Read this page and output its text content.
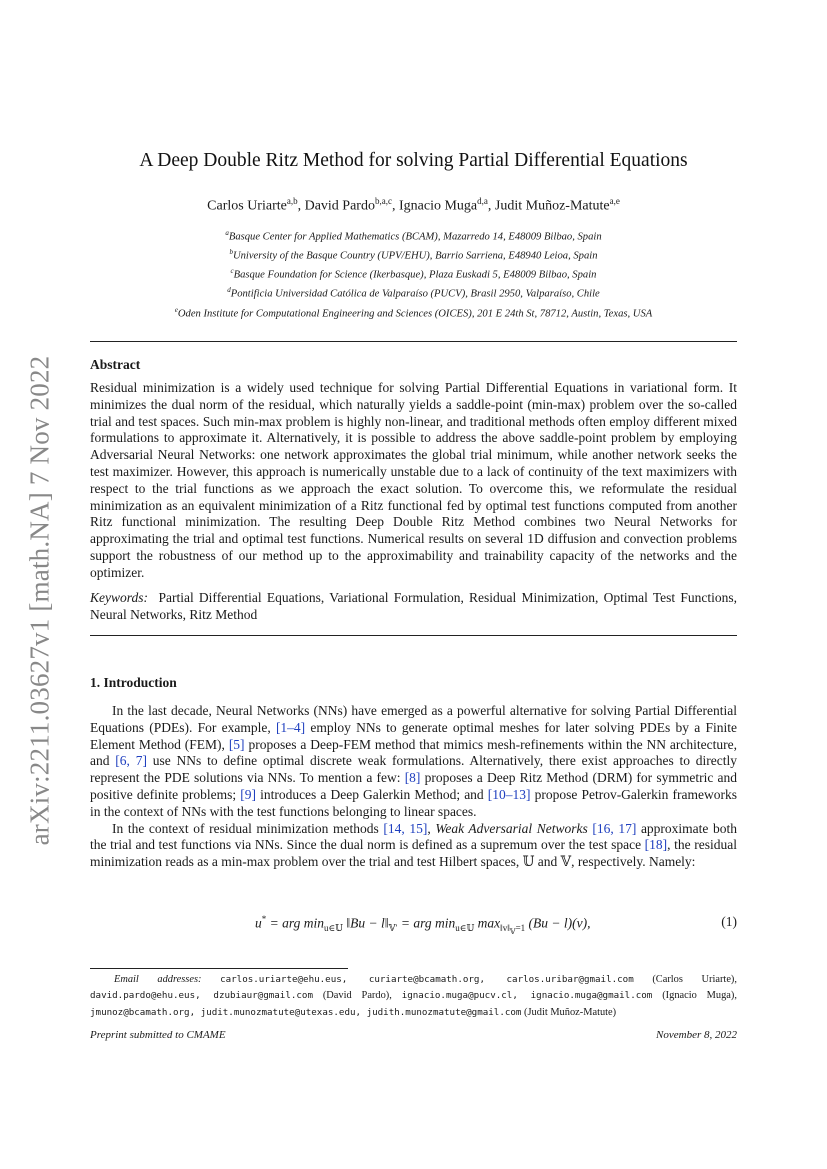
arXiv:2211.03627v1 [math.NA] 7 Nov 2022
A Deep Double Ritz Method for solving Partial Differential Equations
Carlos Uriarte$^{a,b}$, David Pardo$^{b,a,c}$, Ignacio Muga$^{d,a}$, Judit Muñoz-Matute$^{a,e}$
$^a$Basque Center for Applied Mathematics (BCAM), Mazarredo 14, E48009 Bilbao, Spain
$^b$University of the Basque Country (UPV/EHU), Barrio Sarriena, E48940 Leioa, Spain
$^c$Basque Foundation for Science (Ikerbasque), Plaza Euskadi 5, E48009 Bilbao, Spain
$^d$Pontificia Universidad Católica de Valparaíso (PUCV), Brasil 2950, Valparaíso, Chile
$^e$Oden Institute for Computational Engineering and Sciences (OICES), 201 E 24th St, 78712, Austin, Texas, USA
Abstract

Residual minimization is a widely used technique for solving Partial Differential Equations in variational form. It minimizes the dual norm of the residual, which naturally yields a saddle-point (min-max) problem over the so-called trial and test spaces. Such min-max problem is highly non-linear, and traditional methods often employ different mixed formulations to approximate it. Alternatively, it is possible to address the above saddle-point problem by employing Adversarial Neural Networks: one network approximates the global trial minimum, while another network seeks the test maximizer. However, this approach is numerically unstable due to a lack of continuity of the text maximizers with respect to the trial functions as we approach the exact solution. To overcome this, we reformulate the residual minimization as an equivalent minimization of a Ritz functional fed by optimal test functions computed from another Ritz functional minimization. The resulting Deep Double Ritz Method combines two Neural Networks for approximating the trial and optimal test functions. Numerical results on several 1D diffusion and convection problems support the robustness of our method up to the approximability and trainability capacity of the networks and the optimizer.

Keywords: Partial Differential Equations, Variational Formulation, Residual Minimization, Optimal Test Functions, Neural Networks, Ritz Method

1. Introduction

In the last decade, Neural Networks (NNs) have emerged as a powerful alternative for solving Partial Differential Equations (PDEs). For example, [1–4] employ NNs to generate optimal meshes for later solving PDEs by a Finite Element Method (FEM), [5] proposes a Deep-FEM method that mimics mesh-refinements within the NN architecture, and [6, 7] use NNs to define optimal discrete weak formulations. Alternatively, there exist approaches to directly represent the PDE solutions via NNs. To mention a few: [8] proposes a Deep Ritz Method (DRM) for symmetric and positive definite problems; [9] introduces a Deep Galerkin Method; and [10–13] propose Petrov-Galerkin frameworks in the context of NNs with the test functions belonging to linear spaces.

In the context of residual minimization methods [14, 15], Weak Adversarial Networks [16, 17] approximate both the trial and test functions via NNs. Since the dual norm is defined as a supremum over the test space [18], the residual minimization reads as a min-max problem over the trial and test Hilbert spaces, 𝕌 and 𝕍, respectively. Namely:

u* = arg $\min_{u\in 𝕌}$ ‖Bu − $l‖_{𝕍'}$ = arg $\min_{u\in 𝕌} \max_{‖v‖_𝕍=1} (Bu - l)(v)$,	(1)
Email addresses: carlos.uriarte@ehu.eus, curiarte@bcamath.org, carlos.uribar@gmail.com (Carlos Uriarte), david.pardo@ehu.eus, dzubiaur@gmail.com (David Pardo), ignacio.muga@pucv.cl, ignacio.muga@gmail.com (Ignacio Muga), jmunoz@bcamath.org, judit.munozmatute@utexas.edu, judith.munozmatute@gmail.com (Judit Muñoz-Matute)
Preprint submitted to CMAME	November 8, 2022
